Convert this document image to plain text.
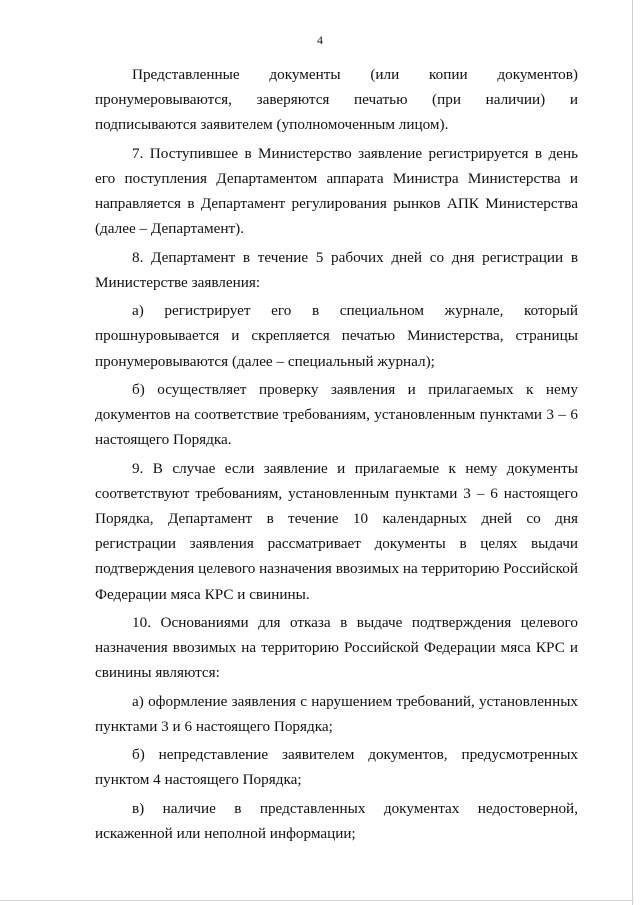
4

Представленные документы (или копии документов) пронумеровываются, заверяются печатью (при наличии) и подписываются заявителем (уполномоченным лицом).

7. Поступившее в Министерство заявление регистрируется в день его поступления Департаментом аппарата Министра Министерства и направляется в Департамент регулирования рынков АПК Министерства (далее – Департамент).

8. Департамент в течение 5 рабочих дней со дня регистрации в Министерстве заявления:

а) регистрирует его в специальном журнале, который прошнуровывается и скрепляется печатью Министерства, страницы пронумеровываются (далее – специальный журнал);

б) осуществляет проверку заявления и прилагаемых к нему документов на соответствие требованиям, установленным пунктами 3 – 6 настоящего Порядка.

9. В случае если заявление и прилагаемые к нему документы соответствуют требованиям, установленным пунктами 3 – 6 настоящего Порядка, Департамент в течение 10 календарных дней со дня регистрации заявления рассматривает документы в целях выдачи подтверждения целевого назначения ввозимых на территорию Российской Федерации мяса КРС и свинины.

10. Основаниями для отказа в выдаче подтверждения целевого назначения ввозимых на территорию Российской Федерации мяса КРС и свинины являются:

а) оформление заявления с нарушением требований, установленных пунктами 3 и 6 настоящего Порядка;

б) непредставление заявителем документов, предусмотренных пунктом 4 настоящего Порядка;

в) наличие в представленных документах недостоверной, искаженной или неполной информации;
